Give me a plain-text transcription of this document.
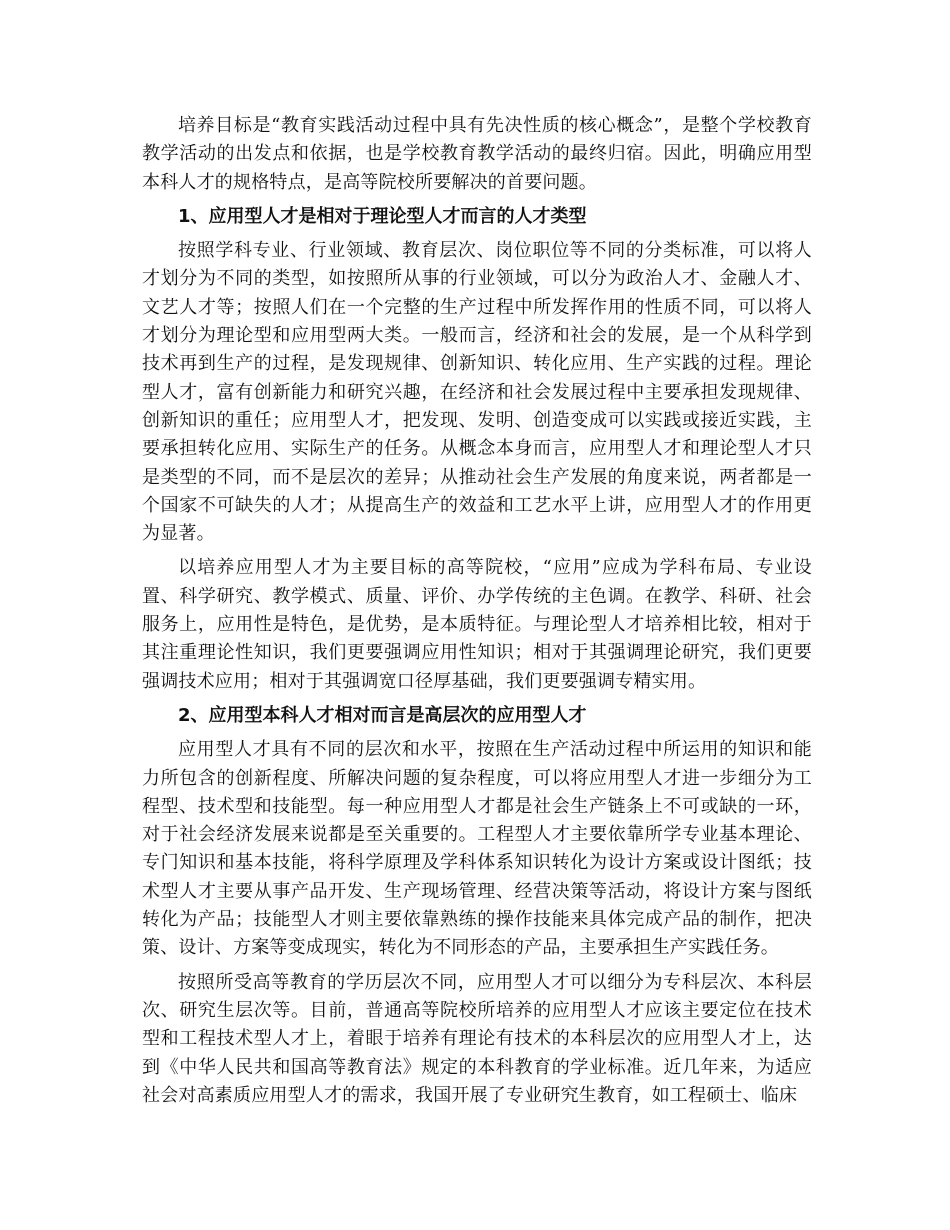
培养目标是“教育实践活动过程中具有先决性质的核心概念”，是整个学校教育教学活动的出发点和依据，也是学校教育教学活动的最终归宿。因此，明确应用型本科人才的规格特点，是高等院校所要解决的首要问题。

1、应用型人才是相对于理论型人才而言的人才类型

按照学科专业、行业领域、教育层次、岗位职位等不同的分类标准，可以将人才划分为不同的类型，如按照所从事的行业领域，可以分为政治人才、金融人才、文艺人才等；按照人们在一个完整的生产过程中所发挥作用的性质不同，可以将人才划分为理论型和应用型两大类。一般而言，经济和社会的发展，是一个从科学到技术再到生产的过程，是发现规律、创新知识、转化应用、生产实践的过程。理论型人才，富有创新能力和研究兴趣，在经济和社会发展过程中主要承担发现规律、创新知识的重任；应用型人才，把发现、发明、创造变成可以实践或接近实践，主要承担转化应用、实际生产的任务。从概念本身而言，应用型人才和理论型人才只是类型的不同，而不是层次的差异；从推动社会生产发展的角度来说，两者都是一个国家不可缺失的人才；从提高生产的效益和工艺水平上讲，应用型人才的作用更为显著。

以培养应用型人才为主要目标的高等院校，“应用”应成为学科布局、专业设置、科学研究、教学模式、质量、评价、办学传统的主色调。在教学、科研、社会服务上，应用性是特色，是优势，是本质特征。与理论型人才培养相比较，相对于其注重理论性知识，我们更要强调应用性知识；相对于其强调理论研究，我们更要强调技术应用；相对于其强调宽口径厚基础，我们更要强调专精实用。

2、应用型本科人才相对而言是高层次的应用型人才

应用型人才具有不同的层次和水平，按照在生产活动过程中所运用的知识和能力所包含的创新程度、所解决问题的复杂程度，可以将应用型人才进一步细分为工程型、技术型和技能型。每一种应用型人才都是社会生产链条上不可或缺的一环，对于社会经济发展来说都是至关重要的。工程型人才主要依靠所学专业基本理论、专门知识和基本技能，将科学原理及学科体系知识转化为设计方案或设计图纸；技术型人才主要从事产品开发、生产现场管理、经营决策等活动，将设计方案与图纸转化为产品；技能型人才则主要依靠熟练的操作技能来具体完成产品的制作，把决策、设计、方案等变成现实，转化为不同形态的产品，主要承担生产实践任务。

按照所受高等教育的学历层次不同，应用型人才可以细分为专科层次、本科层次、研究生层次等。目前，普通高等院校所培养的应用型人才应该主要定位在技术型和工程技术型人才上，着眼于培养有理论有技术的本科层次的应用型人才上，达到《中华人民共和国高等教育法》规定的本科教育的学业标准。近几年来，为适应社会对高素质应用型人才的需求，我国开展了专业研究生教育，如工程硕士、临床
